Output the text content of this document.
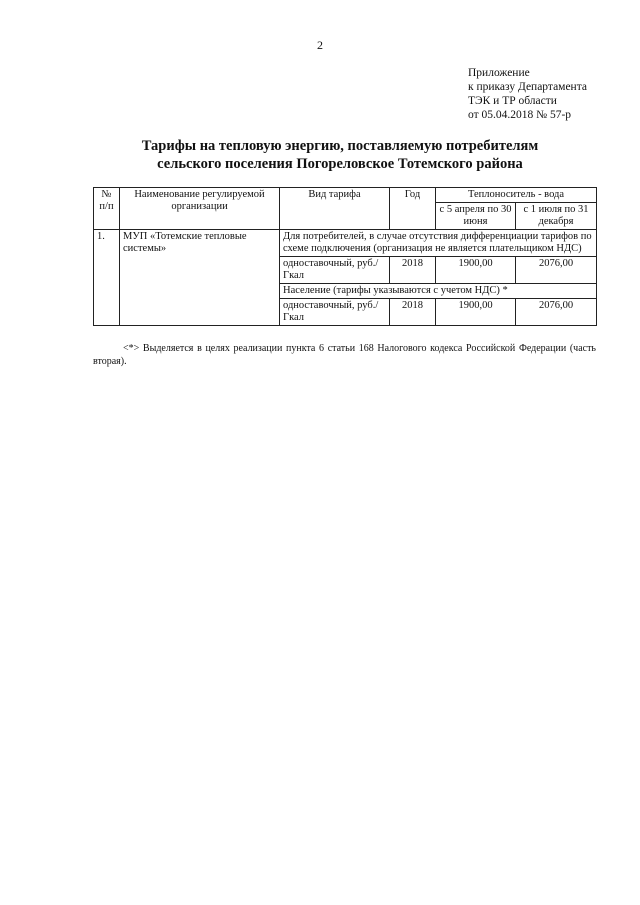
2
Приложение
к приказу Департамента
ТЭК и ТР области
от 05.04.2018 № 57-р
Тарифы на тепловую энергию, поставляемую потребителям
сельского поселения Погореловское Тотемского района
№ п/п	Наименование регулируемой организации	Вид тарифа	Год	Теплоноситель - вода	
				с 5 апреля по 30 июня	с 1 июля по 31 декабря
1.	МУП «Тотемские тепловые системы»	Для потребителей, в случае отсутствия дифференциации тарифов по схеме подключения (организация не является плательщиком НДС)			
		одноставочный, руб./Гкал	2018	1900,00	2076,00
		Население (тарифы указываются с учетом НДС) *			
		одноставочный, руб./Гкал	2018	1900,00	2076,00
<*> Выделяется в целях реализации пункта 6 статьи 168 Налогового кодекса Российской Федерации (часть вторая).
